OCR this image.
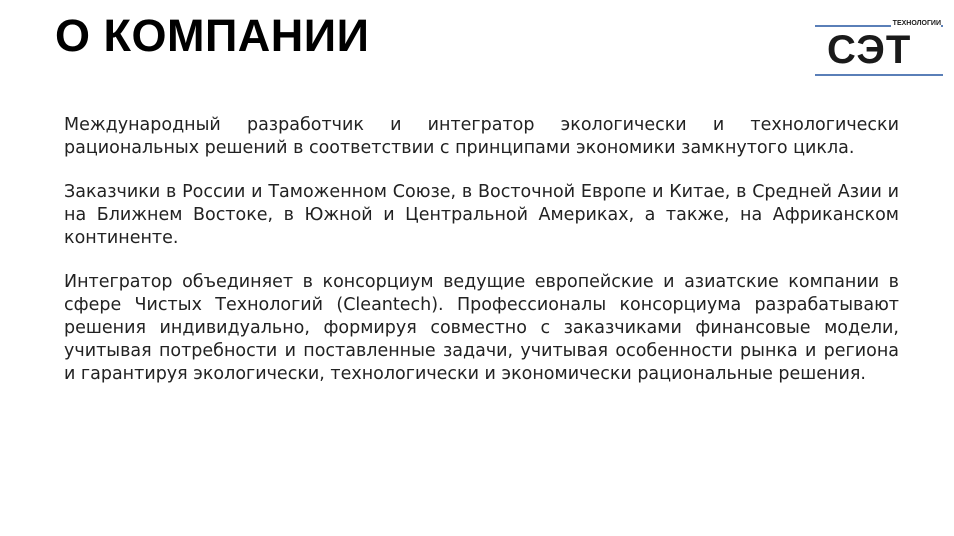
О КОМПАНИИ	ТЕХНОЛОГИИ
СЭТ

Международный разработчик и интегратор экологически и технологически рациональных решений в соответствии с принципами экономики замкнутого цикла.

Заказчики в России и Таможенном Союзе, в Восточной Европе и Китае, в Средней Азии и на Ближнем Востоке, в Южной и Центральной Америках, а также, на Африканском континенте.

Интегратор объединяет в консорциум ведущие европейские и азиатские компании в сфере Чистых Технологий (Cleantech). Профессионалы консорциума разрабатывают решения индивидуально, формируя совместно с заказчиками финансовые модели, учитывая потребности и поставленные задачи, учитывая особенности рынка и региона и гарантируя экологически, технологически и экономически рациональные решения.
